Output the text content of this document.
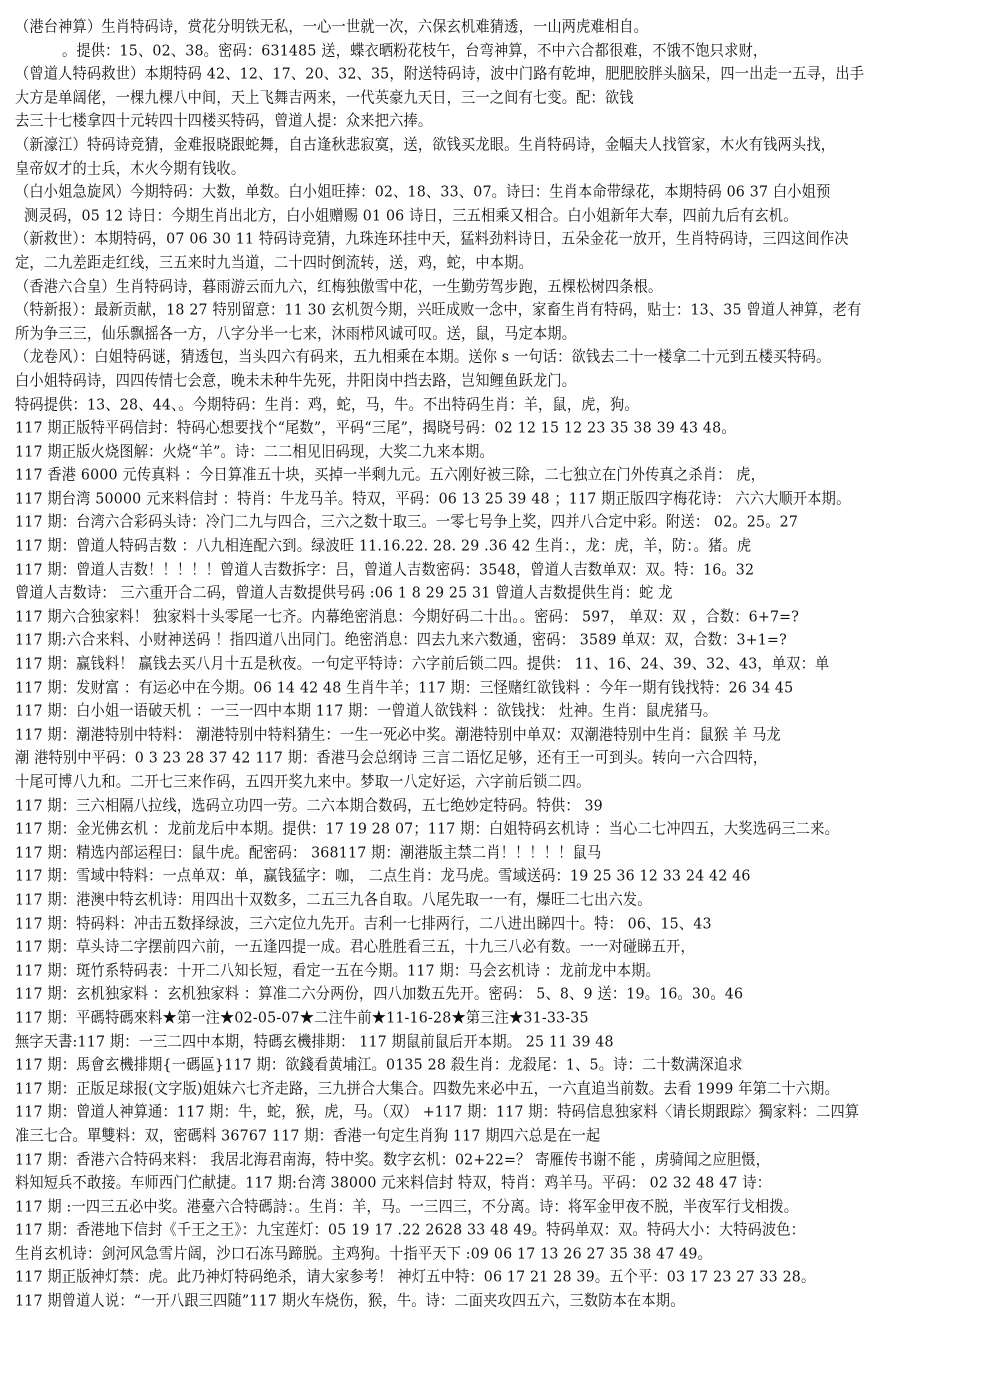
（港台神算）生肖特码诗，赏花分明铁无私，一心一世就一次，六保玄机难猜透，一山两虎难相自。
。提供：15、02、38。密码：631485 送，蝶衣晒粉花枝午，台弯神算，不中六合都很难，不饿不饱只求财，
（曾道人特码救世）本期特码 42、12、17、20、32、35，附送特码诗，波中门路有乾坤，肥肥胶胖头脑呆，四一出走一五寻，出手
大方是单阔佬，一棵九棵八中间，天上飞舞吉两来，一代英豪九天日，三一之间有七变。配：欲钱
去三十七楼拿四十元转四十四楼买特码，曾道人提：众来把六捧。
（新濠江）特码诗竞猜，金难报晓跟蛇舞，自古逢秋悲寂寞，送，欲钱买龙眼。生肖特码诗，金幅夫人找管家，木火有钱两头找，
皇帝奴才的士兵，木火今期有钱收。
（白小姐急旋风）今期特码：大数，单数。白小姐旺捧：02、18、33、07。诗曰：生肖本命带绿花，本期特码 06 37 白小姐预
测灵码，05 12 诗日：今期生肖出北方，白小姐赠赐 01 06 诗日，三五相乘又相合。白小姐新年大奉，四前九后有玄机。
（新救世）：本期特码，07 06 30 11 特码诗竞猜，九珠连环挂中天，猛料劲料诗日，五朵金花一放开，生肖特码诗，三四这间作决
定，二九差距走红线，三五来时九当道，二十四时倒流转，送，鸡，蛇，中本期。
（香港六合皇）生肖特码诗，暮雨游云而九六，红梅独傲雪中花，一生勤劳驾步跑，五棵松树四条根。
（特新报）：最新贡献，18 27 特别留意：11 30 玄机贺今期，兴旺成败一念中，家畜生肖有特码，贴士：13、35 曾道人神算，老有
所为争三三，仙乐飘摇各一方，八字分半一七来，沐雨栉风诚可叹。送，鼠，马定本期。
（龙卷风）：白姐特码谜，猜透包，当头四六有码来，五九相乘在本期。送你 s 一句话：欲钱去二十一楼拿二十元到五楼买特码。
白小姐特码诗，四四传情七会意，晚未未种牛先死，井阳岗中挡去路，岂知鲤鱼跃龙门。
特码提供：13、28、44、。今期特码：生肖：鸡，蛇，马，牛。不出特码生肖：羊，鼠，虎，狗。
117 期正版特平码信封：特码心想要找个“尾数”，平码“三尾”，揭晓号码：02 12 15 12 23 35 38 39 43 48。
117 期正版火烧图解：火烧“羊”。诗：二二相见旧码现，大奖二九来本期。
117 香港 6000 元传真料 ：今日算准五十块，买掉一半剩九元。五六刚好被三除，二七独立在门外传真之杀肖： 虎，
117 期台湾 50000 元来料信封 ：特肖：牛龙马羊。特双，平码：06 13 25 39 48 ；117 期正版四字梅花诗： 六六大顺开本期。
117 期：台湾六合彩码头诗：冷门二九与四合，三六之数十取三。一零七号争上奖，四并八合定中彩。附送： 02。25。27
117 期：曾道人特码吉数 ：八九相连配六到。绿波旺 11.16.22. 28. 29 .36 42 生肖：，龙：虎，羊，防：。猪。虎
117 期：曾道人吉数！！！！！曾道人吉数拆字：吕，曾道人吉数密码：3548，曾道人吉数单双：双。特：16。32
曾道人吉数诗： 三六重开合二码，曾道人吉数提供号码 :06 1 8 29 25 31 曾道人吉数提供生肖：蛇 龙
117 期六合独家料！ 独家料十头零尾一七齐。内幕绝密消息：今期好码二十出。。密码： 597， 单双：双 ，合数：6+7=?
117 期:六合来料、小财神送码 ！指四道八出同门。绝密消息：四去九来六数通，密码： 3589 单双：双，合数：3+1=?
117 期：赢钱料！ 赢钱去买八月十五是秋夜。一句定平特诗：六字前后锁二四。提供： 11、16、24、39、32、43，单双：单
117 期：发财富 ：有运必中在今期。06 14 42 48 生肖牛羊；117 期：三怪赌红欲钱料 ：今年一期有钱找特：26 34 45
117 期：白小姐一语破天机 ：一三一四中本期 117 期：一曾道人欲钱料 ：欲钱找： 灶神。生肖：鼠虎猪马。
117 期：潮港特别中特料： 潮港特别中特料猜生：一生一死必中奖。潮港特别中单双：双潮港特别中生肖：鼠猴 羊 马龙
潮 港特别中平码：0 3 23 28 37 42 117 期：香港马会总纲诗 三言二语忆足够，还有王一可到头。转向一六合四特，
十尾可博八九和。二开七三来作码，五四开奖九来中。梦取一八定好运，六字前后锁二四。
117 期：三六相隔八拉线，选码立功四一劳。二六本期合数码，五七绝妙定特码。特供： 39
117 期：金光佛玄机 ：龙前龙后中本期。提供：17 19 28 07；117 期：白姐特码玄机诗 ：当心二七冲四五，大奖选码三二来。
117 期：精选内部运程曰：鼠牛虎。配密码： 368117 期：潮港版主禁二肖！！！！！鼠马
117 期：雪域中特料：一点单双：单，赢钱猛字：咖， 二点生肖：龙马虎。雪域送码：19 25 36 12 33 24 42 46
117 期：港澳中特玄机诗：用四出十双数多，二五三九各自取。八尾先取一一有，爆旺二七出六发。
117 期：特码料：冲击五数择绿波，三六定位九先开。吉利一七排两行，二八进出睇四十。特： 06、15、43
117 期：草头诗二字摆前四六前，一五逢四提一成。君心胜胜看三五，十九三八必有数。一一对碰睇五开，
117 期：斑竹系特码表：十开二八知长短，看定一五在今期。117 期：马会玄机诗 ：龙前龙中本期。
117 期：玄机独家料 ：玄机独家料 ：算准二六分两份，四八加数五先开。密码： 5、8、9 送：19。16。30。46
117 期：平碼特碼來料★第一注★02-05-07★二注牛前★11-16-28★第三注★31-33-35
無字天書:117 期：一三二四中本期，特碼玄機排期： 117 期鼠前鼠后开本期。 25 11 39 48
117 期：馬會玄機排期{一碼區}117 期：欲錢看黄埔江。0135 28 殺生肖：龙殺尾：1、5。诗：二十数满深追求
117 期：正版足球报(文字版)姐妹六七齐走路，三九拼合大集合。四数先来必中五，一六直追当前数。去看 1999 年第二十六期。
117 期：曾道人神算通：117 期：牛，蛇，猴，虎，马。（双） +117 期：117 期：特码信息独家料〈请长期跟踪〉獨家料：二四算
准三七合。單雙料：双，密碼料 36767 117 期：香港一句定生肖狗 117 期四六总是在一起
117 期：香港六合特码来料： 我居北海君南海，特中奖。数字玄机：02+22=？ 寄雁传书谢不能 ，虏骑闻之应胆慑，
料知短兵不敢接。车师西门伫献捷。117 期:台湾 38000 元来料信封 特双，特肖：鸡羊马。平码： 02 32 48 47 诗：
117 期 :一四三五必中奖。港臺六合特碼詩：。生肖：羊，马。一三四三，不分离。诗：将军金甲夜不脱，半夜军行戈相拨。
117 期：香港地下信封《千王之王》：九宝莲灯：05 19 17 .22 2628 33 48 49。特码单双：双。特码大小：大特码波色：
生肖玄机诗：剑河风急雪片阔，沙口石冻马蹄脱。主鸡狗。十指平天下 :09 06 17 13 26 27 35 38 47 49。
117 期正版神灯禁：虎。此乃神灯特码绝杀，请大家参考！ 神灯五中特：06 17 21 28 39。五个平：03 17 23 27 33 28。
117 期曾道人说：“一开八跟三四随”117 期火车烧伤，猴，牛。诗：二面夹攻四五六，三数防本在本期。
